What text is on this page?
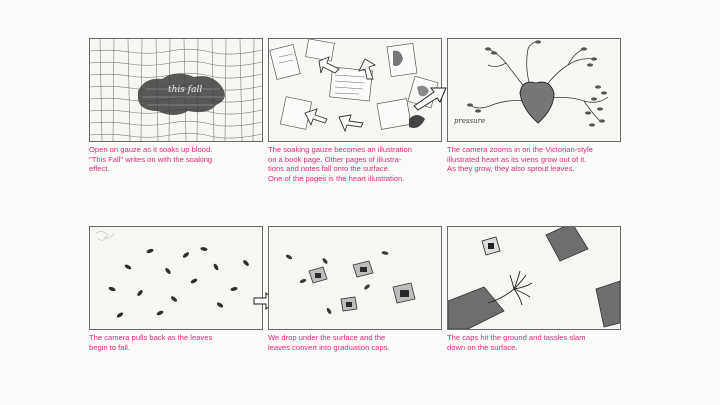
this fall
pressure

Open on gauze as it soaks up blood.
"This Fall" writes on with the soaking
effect.

The soaking gauze becomes an illustration
on a book page. Other pages of illustra-
tions and notes fall onto the surface.
One of the pages is the heart illustration.

The camera zooms in on the Victorian-style
illustrated heart as its viens grow out of it.
As they grow, they also sprout leaves.

The camera pulls back as the leaves
begin to fall.

We drop under the surface and the
leaves convert into graduation caps.

The caps hit the ground and tassles slam
down on the surface.
